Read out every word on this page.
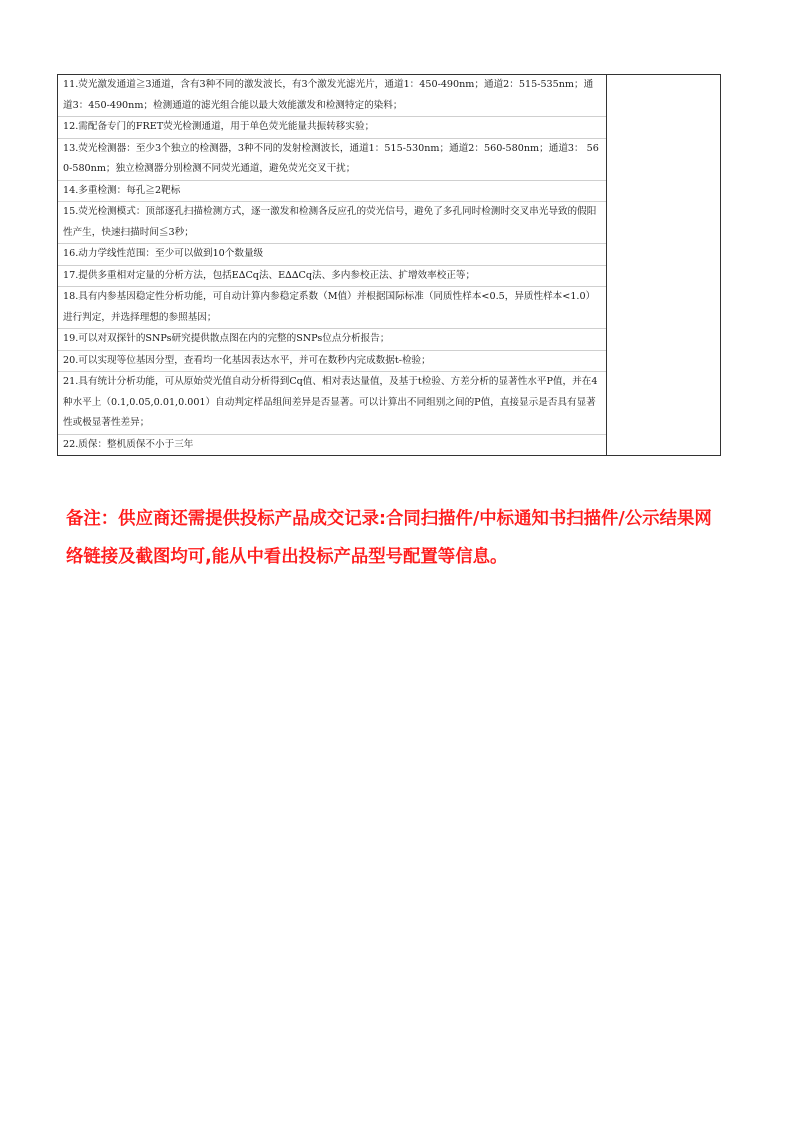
11.荧光激发通道≧3通道，含有3种不同的激发波长，有3个激发光滤光片，通道1：450-490nm；通道2：515-535nm；通道3：450-490nm；检测通道的滤光组合能以最大效能激发和检测特定的染料；
12.需配备专门的FRET荧光检测通道，用于单色荧光能量共振转移实验；
13.荧光检测器：至少3个独立的检测器，3种不同的发射检测波长，通道1：515-530nm；通道2：560-580nm；通道3： 560-580nm；独立检测器分别检测不同荧光通道，避免荧光交叉干扰；
14.多重检测：每孔≧2靶标
15.荧光检测模式：顶部逐孔扫描检测方式，逐一激发和检测各反应孔的荧光信号，避免了多孔同时检测时交叉串光导致的假阳性产生，快速扫描时间≦3秒；
16.动力学线性范围：至少可以做到10个数量级
17.提供多重相对定量的分析方法，包括E∆Cq法、E∆∆Cq法、多内参校正法、扩增效率校正等；
18.具有内参基因稳定性分析功能，可自动计算内参稳定系数（M值）并根据国际标准（同质性样本<0.5，异质性样本<1.0）进行判定，并选择理想的参照基因；
19.可以对双探针的SNPs研究提供散点图在内的完整的SNPs位点分析报告；
20.可以实现等位基因分型，查看均一化基因表达水平，并可在数秒内完成数据t-检验；
21.具有统计分析功能，可从原始荧光值自动分析得到Cq值、相对表达量值，及基于t检验、方差分析的显著性水平P值，并在4种水平上（0.1,0.05,0.01,0.001）自动判定样品组间差异是否显著。可以计算出不同组别之间的P值，直接显示是否具有显著性或极显著性差异；
22.质保：整机质保不小于三年

备注：供应商还需提供投标产品成交记录:合同扫描件/中标通知书扫描件/公示结果网络链接及截图均可,能从中看出投标产品型号配置等信息。
